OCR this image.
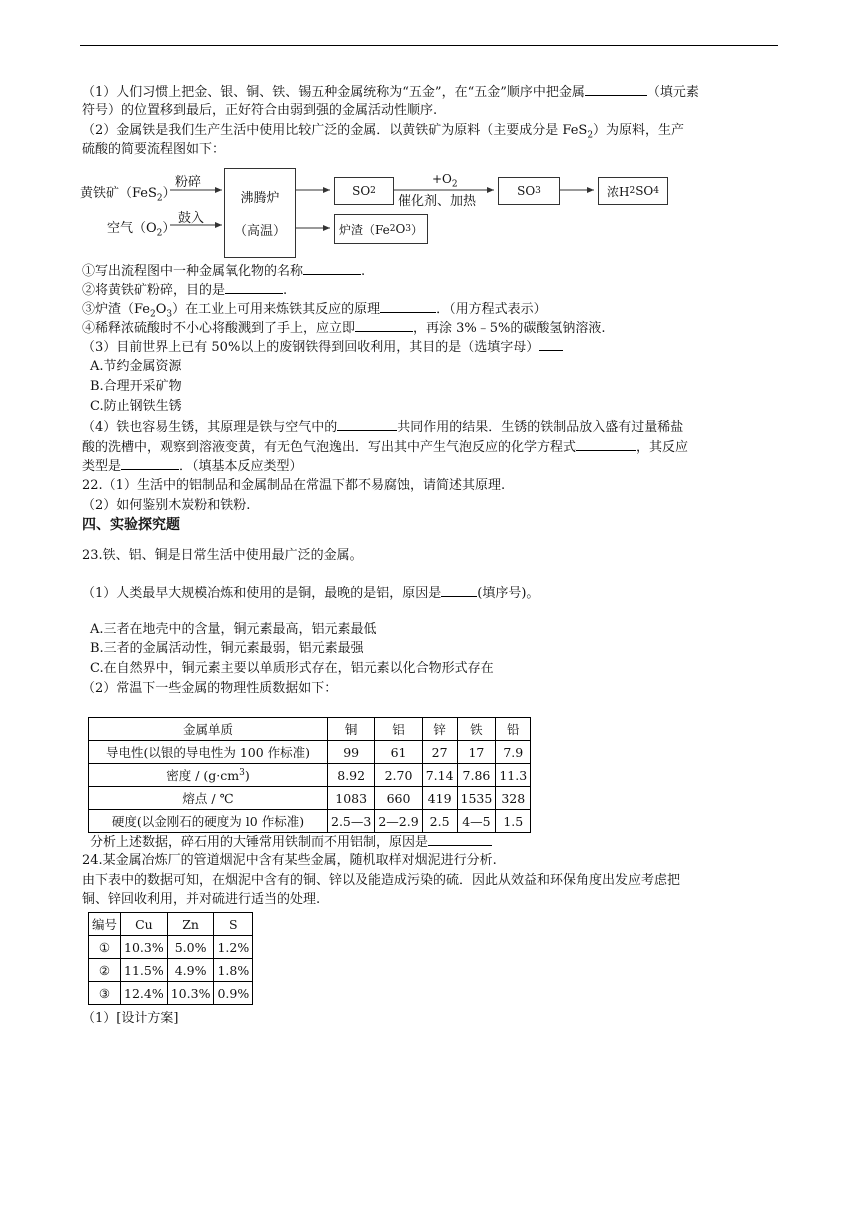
（1）人们习惯上把金、银、铜、铁、锡五种金属统称为“五金”，在“五金”顺序中把金属	（填元素
符号）的位置移到最后，正好符合由弱到强的金属活动性顺序.
（2）金属铁是我们生产生活中使用比较广泛的金属．以黄铁矿为原料（主要成分是 FeS$_2$）为原料，生产
硫酸的简要流程图如下：
黄铁矿（FeS$_2$）
粉碎
空气$(O_2)$
鼓入
沸腾炉
（高温）
SO 2
$+O_2$
催化剂、加热
SO 3	浓H 2 SO 4
炉渣（Fe 2 O 3 ）
①写出流程图中一种金属氧化物的名称	.
②将黄铁矿粉碎，目的是	.
③炉渣$(Fe_2O_3)$在工业上可用来炼铁其反应的原理	．（用方程式表示）
④稀释浓硫酸时不小心将酸溅到了手上，应立即	，再涂 3%﹣5%的碳酸氢钠溶液.
（3）目前世界上已有 50%以上的废钢铁得到回收利用，其目的是（选填字母）
A.节约金属资源
B.合理开采矿物
C.防止钢铁生锈
（4）铁也容易生锈，其原理是铁与空气中的	共同作用的结果．生锈的铁制品放入盛有过量稀盐
酸的洗槽中，观察到溶液变黄，有无色气泡逸出．写出其中产生气泡反应的化学方程式	，其反应
类型是	．（填基本反应类型）
22.（1）生活中的铝制品和金属制品在常温下都不易腐蚀，请简述其原理.
（2）如何鉴别木炭粉和铁粉.
四、实验探究题
23.铁、铝、铜是日常生活中使用最广泛的金属。
（1）人类最早大规模冶炼和使用的是铜，最晚的是铝，原因是	(填序号)。
A.三者在地壳中的含量，铜元素最高，铝元素最低
B.三者的金属活动性，铜元素最弱，铝元素最强
C.在自然界中，铜元素主要以单质形式存在，铝元素以化合物形式存在
（2）常温下一些金属的物理性质数据如下：
金属单质	铜	铝	锌	铁	铅
导电性(以银的导电性为 100 作标准)	99	61	27	17	7.9
密度 / $(g\cdot cm^3)$	8.92	2.70	7.14	7.86	11.3
熔点 / ℃	1083	660	419	1535	328
硬度(以金刚石的硬度为 l0 作标准)	2.5—3	2—2.9	2.5	4—5	1.5
分析上述数据，碎石用的大锤常用铁制而不用铝制，原因是
24.某金属冶炼厂的管道烟泥中含有某些金属，随机取样对烟泥进行分析.
由下表中的数据可知，在烟泥中含有的铜、锌以及能造成污染的硫．因此从效益和环保角度出发应考虑把
铜、锌回收利用，并对硫进行适当的处理.
编号	Cu	Zn	S
①	10.3%	5.0%	1.2%
②	11.5%	4.9%	1.8%
③	12.4%	10.3%	0.9%
（1）[设计方案]
